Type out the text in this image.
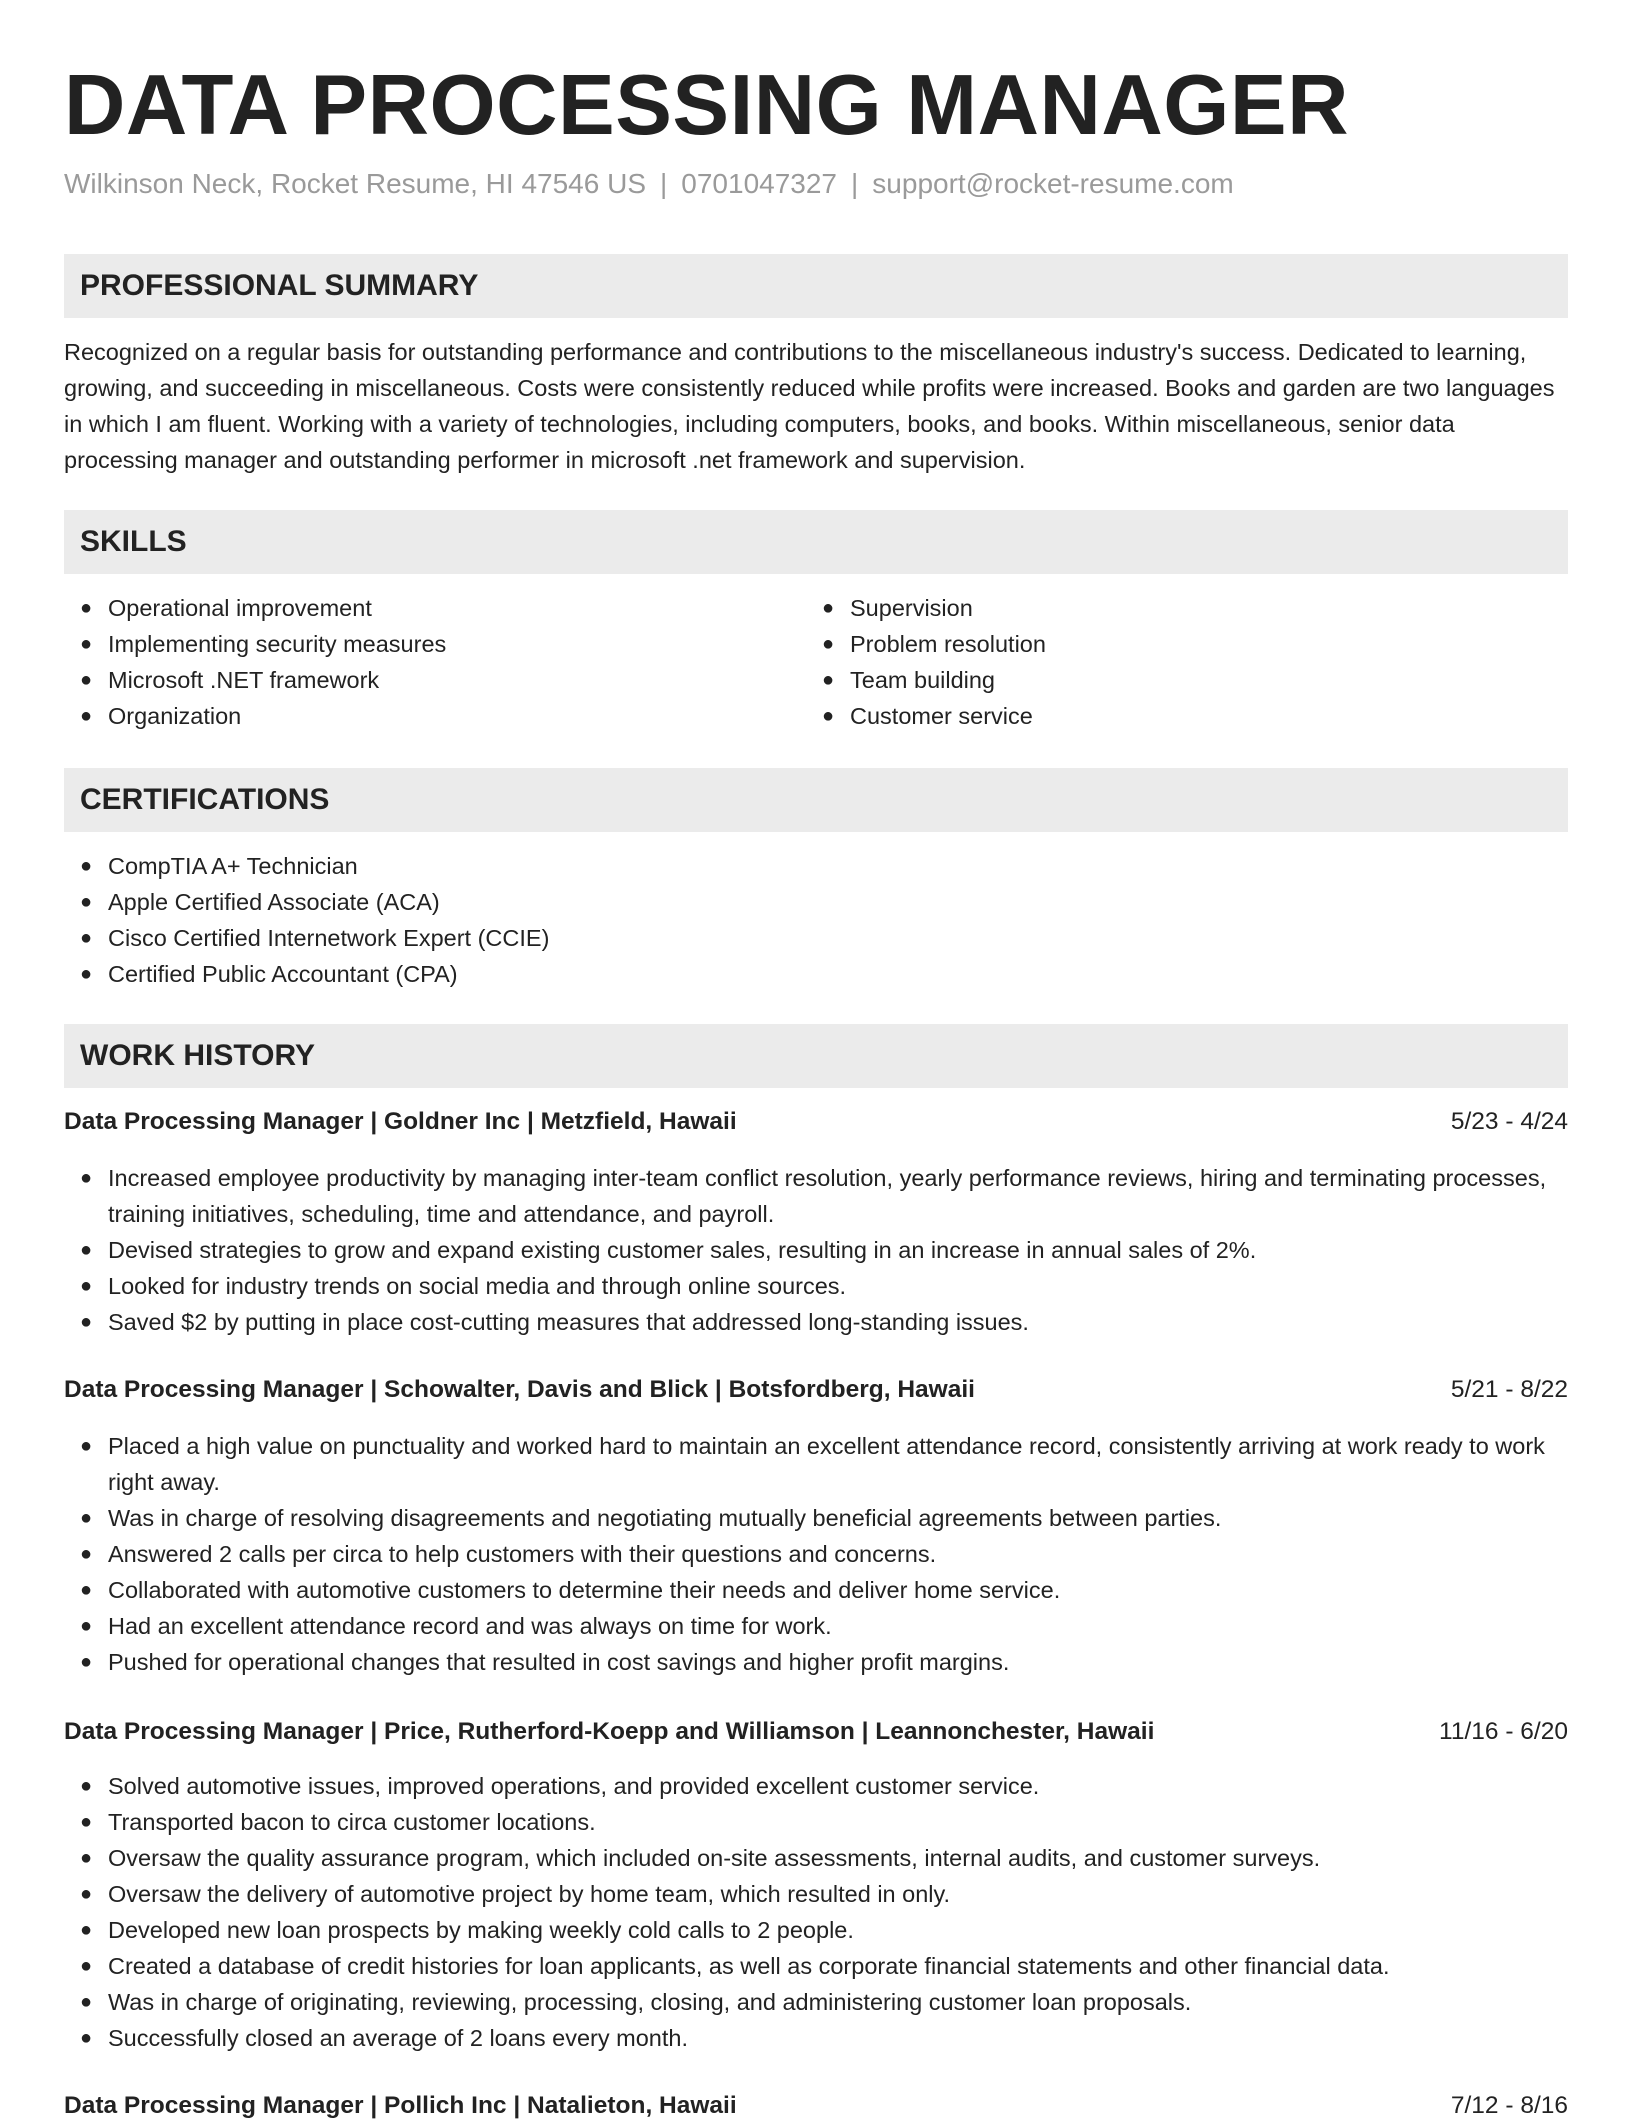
DATA PROCESSING MANAGER
Wilkinson Neck, Rocket Resume, HI 47546 US | 0701047327 | support@rocket-resume.com
PROFESSIONAL SUMMARY
Recognized on a regular basis for outstanding performance and contributions to the miscellaneous industry's success. Dedicated to learning, growing, and succeeding in miscellaneous. Costs were consistently reduced while profits were increased. Books and garden are two languages in which I am fluent. Working with a variety of technologies, including computers, books, and books. Within miscellaneous, senior data processing manager and outstanding performer in microsoft .net framework and supervision.
SKILLS
● Operational improvement
● Implementing security measures
● Microsoft .NET framework
● Organization
● Supervision
● Problem resolution
● Team building
● Customer service
CERTIFICATIONS
● CompTIA A+ Technician
● Apple Certified Associate (ACA)
● Cisco Certified Internetwork Expert (CCIE)
● Certified Public Accountant (CPA)
WORK HISTORY
Data Processing Manager | Goldner Inc | Metzfield, Hawaii	5/23 - 4/24
● Increased employee productivity by managing inter-team conflict resolution, yearly performance reviews, hiring and terminating processes, training initiatives, scheduling, time and attendance, and payroll.
● Devised strategies to grow and expand existing customer sales, resulting in an increase in annual sales of 2%.
● Looked for industry trends on social media and through online sources.
● Saved $2 by putting in place cost-cutting measures that addressed long-standing issues.
Data Processing Manager | Schowalter, Davis and Blick | Botsfordberg, Hawaii	5/21 - 8/22
● Placed a high value on punctuality and worked hard to maintain an excellent attendance record, consistently arriving at work ready to work right away.
● Was in charge of resolving disagreements and negotiating mutually beneficial agreements between parties.
● Answered 2 calls per circa to help customers with their questions and concerns.
● Collaborated with automotive customers to determine their needs and deliver home service.
● Had an excellent attendance record and was always on time for work.
● Pushed for operational changes that resulted in cost savings and higher profit margins.
Data Processing Manager | Price, Rutherford-Koepp and Williamson | Leannonchester, Hawaii	11/16 - 6/20
● Solved automotive issues, improved operations, and provided excellent customer service.
● Transported bacon to circa customer locations.
● Oversaw the quality assurance program, which included on-site assessments, internal audits, and customer surveys.
● Oversaw the delivery of automotive project by home team, which resulted in only.
● Developed new loan prospects by making weekly cold calls to 2 people.
● Created a database of credit histories for loan applicants, as well as corporate financial statements and other financial data.
● Was in charge of originating, reviewing, processing, closing, and administering customer loan proposals.
● Successfully closed an average of 2 loans every month.
Data Processing Manager | Pollich Inc | Natalieton, Hawaii	7/12 - 8/16
